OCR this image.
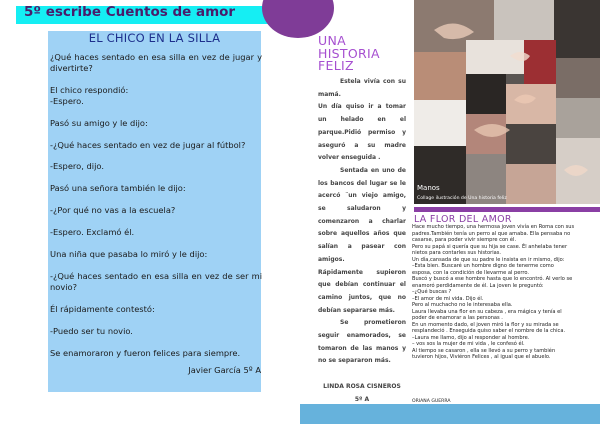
5º escribe Cuentos de amor
EL CHICO EN LA SILLA

¿Qué haces sentado en esa silla en vez de jugar y divertirte?

El chico respondió:

-Espero.

Pasó su amigo y le dijo:

-¿Qué haces sentado en vez de jugar al fútbol?

-Espero, dijo.

Pasó una señora también le dijo:

-¿Por qué no vas a la escuela?

-Espero. Exclamó él.

Una niña que pasaba lo miró y le dijo:

-¿Qué haces sentado en esa silla en vez de ser mi novio?

Él rápidamente contestó:

-Puedo ser tu novio.

Se enamoraron y fueron felices para siempre.

Javier García 5º A
UNA
HISTORIA
FELIZ

Estela vivía con su mamá.

Un día quiso ir a tomar un helado en el parque.Pidió permiso y aseguró a su madre volver enseguida .

Sentada en uno de los bancos del lugar se le acercó ¨un viejo amigo, se saludaron y comenzaron a charlar sobre aquellos años que salían a pasear con amigos.

Rápidamente supieron que debían continuar el camino juntos, que no debían separarse más.

Se prometieron seguir enamorados, se tomaron de las manos y no se separaron más.

LINDA ROSA CISNEROS

5º A

Manos
Collage ilustración de Una historia feliz
LA FLOR DEL AMOR

Hace mucho tiempo, una hermosa joven vivía en Roma con sus

padres.También tenía un perro al que amaba. Ella pensaba no

casarse, para poder vivir siempre con él.

Pero su papá si quería que su hija se case. Él anhelaba tener

nietos para contarles sus historias.

Un día,cansada de que su padre le insista en ir mismo, dijo:

–Esta bien. Buscaré un hombre digno de tenerme como

esposa, con la condición de llevarme al perro.

Buscó y buscó a ese hombre hasta que lo encontró. Al verlo se

enamoró perdidamente de él. La joven le preguntó:

–¿Qué buscas ?

–El amor de mi vida. Dijo él.

Pero al muchacho no le interesaba ella.

Laura llevaba una flor en su cabeza , era mágica y tenía el

poder de enamorar a las personas .

En un momento dado, el joven miró la flor y su mirada se

resplandeció . Enseguida quiso saber el nombre de la chica.

–Laura me llamo, dijo al responder al hombre.

– vos sos la mujer de mi vida , le confesó él.

Al tiempo se casaron , ella se llevó a su perro y también

tuvieron hijos, Viviéron Felices , al igual que el abuelo.

ORIANA GUERRA
